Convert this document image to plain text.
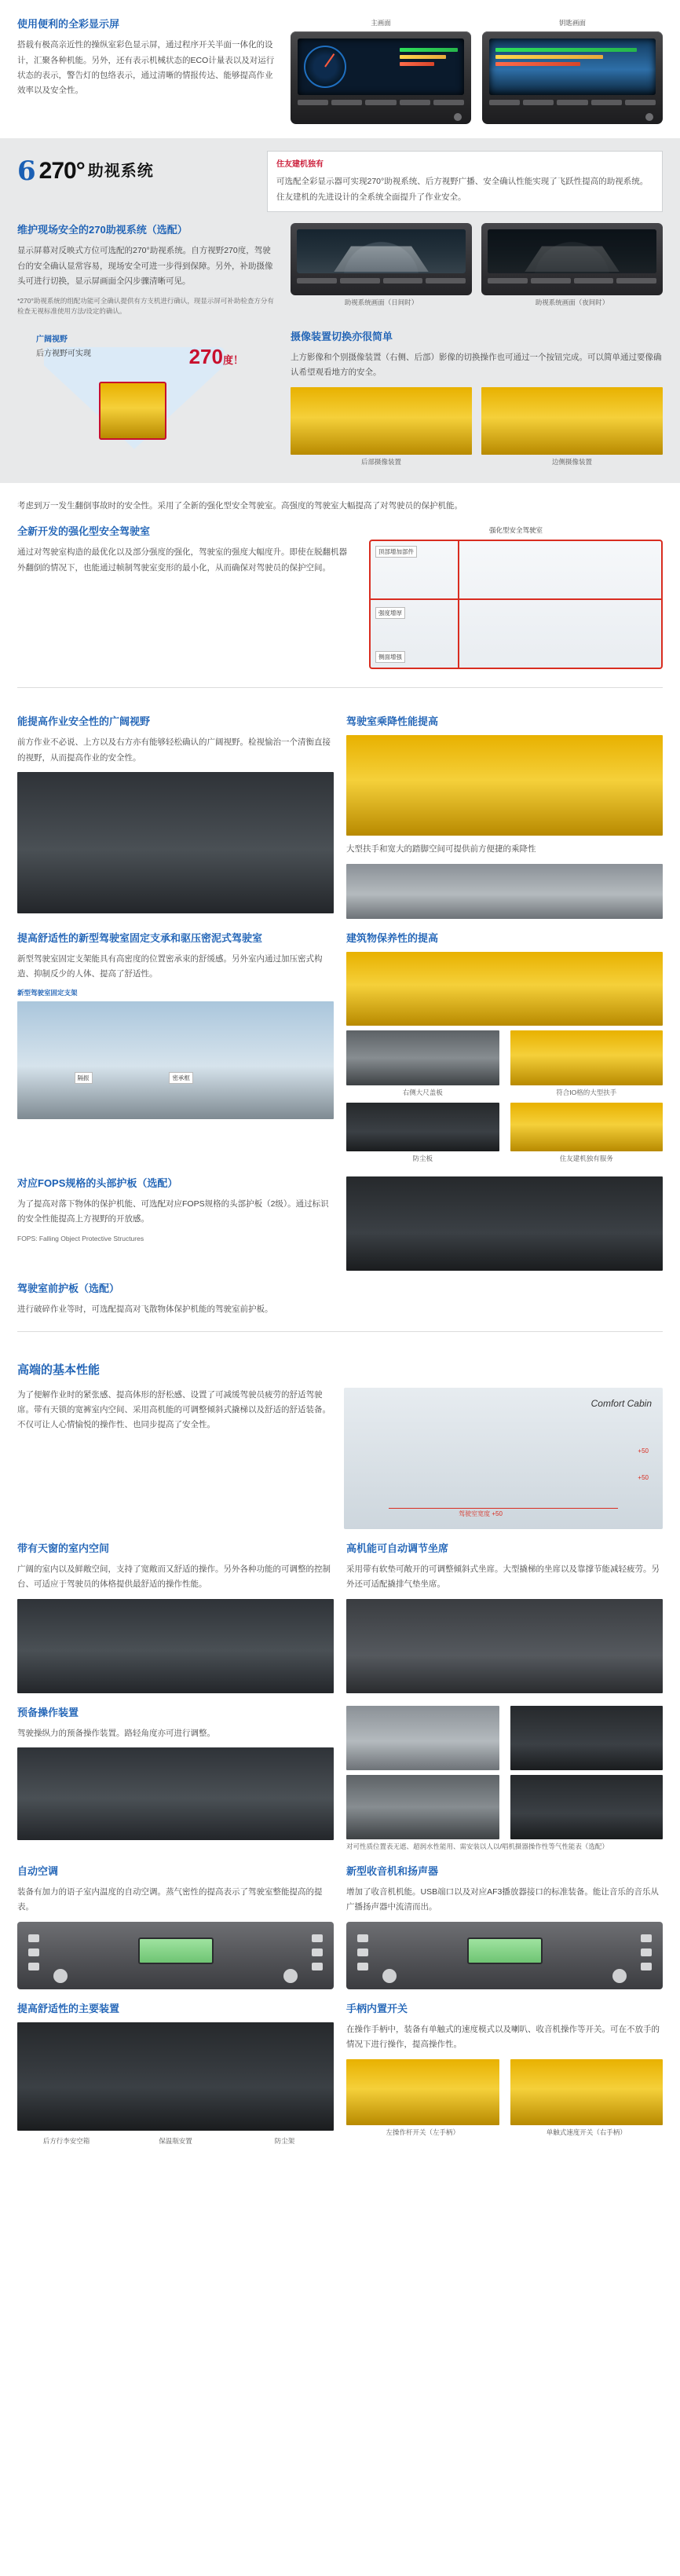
使用便利的全彩显示屏

搭载有极高亲近性的操纵室彩色显示屏，通过程序开关半面一体化的设计，汇聚各种机能。另外，还有表示机械状态的ECO计量表以及对运行状态的表示，警告灯的包络表示，通过清晰的情报传达、能够提高作业效率以及安全性。

主画面	钥匙画面
6 270° 助视系统	住友建机独有
可选配全彩显示器可实现270°助视系统、后方视野广播、安全确认性能实现了飞跃性提高的助视系统。住友建机的先进设计的全系统全面提升了作业安全。
维护现场安全的270助视系统（选配）

显示屏幕对反映式方位可选配的270°助视系统。自方视野270度，驾驶台的安全确认显常容易，现场安全可进一步得到保障。另外，补助摄像头可进行切换，显示屏画面全闪步骤清晰可见。

*270°助视系统的组配功能可全确认提供有方支机进行确认，现显示屏可补助检查方分有检查无视标准使用方法/设定的确认。

助视系统画面（日间时）	助视系统画面（夜间时）
广阔视野
后方视野可实现	270度！
摄像装置切换亦很简单

上方影像和个别摄像装置（右侧、后部）影像的切换操作也可通过一个按钮完成。可以简单通过要像确认希望观看地方的安全。

后部摄像装置	边侧摄像装置

考虑到万一发生翻倒事故时的安全性。采用了全新的强化型安全驾驶室。高强度的驾驶室大幅提高了对驾驶员的保护机能。

全新开发的强化型安全驾驶室

通过对驾驶室构造的最优化以及部分强度的强化，驾驶室的强度大幅度升。即使在脱翻机器外翻倒的情况下，也能通过帧制驾驶室变形的最小化，从而确保对驾驶员的保护空间。

强化型安全驾驶室
顶部增加部件
强度增厚
侧面增强
能提高作业安全性的广阔视野

前方作业不必说、上方以及右方亦有能够轻松确认的广阔视野。检视愉治一个清衡直接的视野，从而提高作业的安全性。

驾驶室乘降性能提高

大型扶手和宽大的踏脚空间可提供前方便捷的乘降性

提高舒适性的新型驾驶室固定支承和驱压密泥式驾驶室

新型驾驶室固定支架能具有高密度的位置密承束的舒缓感。另外室内通过加压密式构造、抑制反少的人体、提高了舒适性。

新型驾驶室固定支架
隔振	密承框
建筑物保养性的提高
右侧大尺盖板	符合IO格的大型扶手
防尘板	住友建机独有服务
对应FOPS规格的头部护板（选配）

为了提高对落下物体的保护机能、可选配对应FOPS规格的头部护板（2级）。通过标识的安全性能提高上方视野的开放感。

FOPS: Falling Object Protective Structures

驾驶室前护板（选配）

进行破碎作业等时，可选配提高对飞散物体保护机能的驾驶室前护板。

高端的基本性能

为了便解作业时的紧张感、提高体形的舒松感、设置了可减缓驾驶员疲劳的舒适驾驶席。带有天锁的宽裤室内空间、采用高机能的可调整倾斜式撬梯以及舒适的舒适装备。不仅可让人心情愉悦的操作性、也同步提高了安全性。

Comfort Cabin
+50
+50
驾驶室宽度 +50
带有天窗的室内空间

广阔的室内以及鲜敞空间，支持了宽敞而又舒适的操作。另外各种功能的可调整的控制台、可适应于驾驶员的体格提供最舒适的操作性能。

高机能可自动调节坐席

采用带有软垫可敞开的可调整倾斜式坐席。大型撬梯的坐席以及靠撑节能减轻疲劳。另外还可适配撬排气垫坐席。

预备操作装置

驾驶操纵力的预备操作装置。路轻角度亦可进行调整。

对可性质位置表无遮、超润水性能用、需安装以人以/唱机摄器操作性等气性能表（选配）
自动空调

装备有加力的语子室内温度的自动空调。蒸气密性的提高表示了驾驶室整能提高的提表。

新型收音机和扬声器

增加了收音机机能。USB端口以及对应AF3播放器接口的标准装备。能让音乐的音乐从广播扬声器中流清而出。

提高舒适性的主要装置
后方行李安空箱	保温瓶安置	防尘架
手柄内置开关

在操作手柄中，装备有单触式的速度模式以及喇叭、收音机操作等开关。可在不放手的情况下进行操作，提高操作性。

左操作杆开关（左手柄）	单触式速度开关（右手柄）
